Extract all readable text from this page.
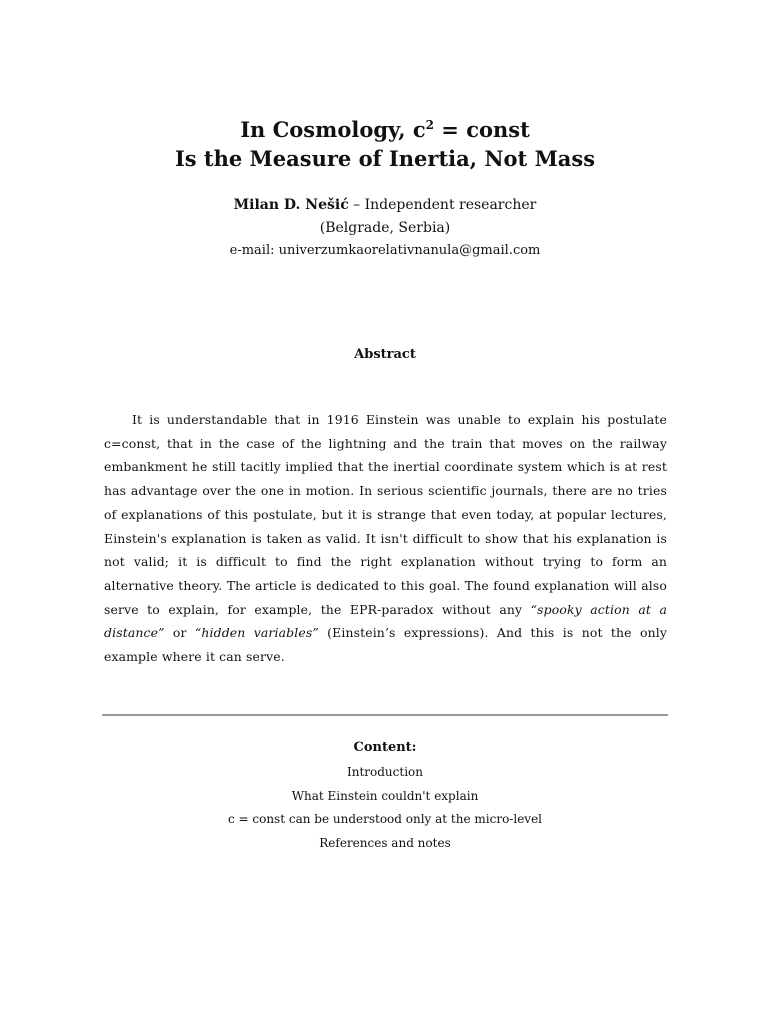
In Cosmology, $c^2$ = const
Is the Measure of Inertia, Not Mass
Milan D. Nešić – Independent researcher
(Belgrade, Serbia)
e-mail: univerzumkaorelativnanula@gmail.com
Abstract

It is understandable that in 1916 Einstein was unable to explain his postulate c=const, that in the case of the lightning and the train that moves on the railway embankment he still tacitly implied that the inertial coordinate system which is at rest has advantage over the one in motion. In serious scientific journals, there are no tries of explanations of this postulate, but it is strange that even today, at popular lectures, Einstein's explanation is taken as valid. It isn't difficult to show that his explanation is not valid; it is difficult to find the right explanation without trying to form an alternative theory. The article is dedicated to this goal. The found explanation will also serve to explain, for example, the EPR-paradox without any “spooky action at a distance” or “hidden variables” (Einstein’s expressions). And this is not the only example where it can serve.

Content:
Introduction
What Einstein couldn't explain
c = const can be understood only at the micro-level
References and notes
